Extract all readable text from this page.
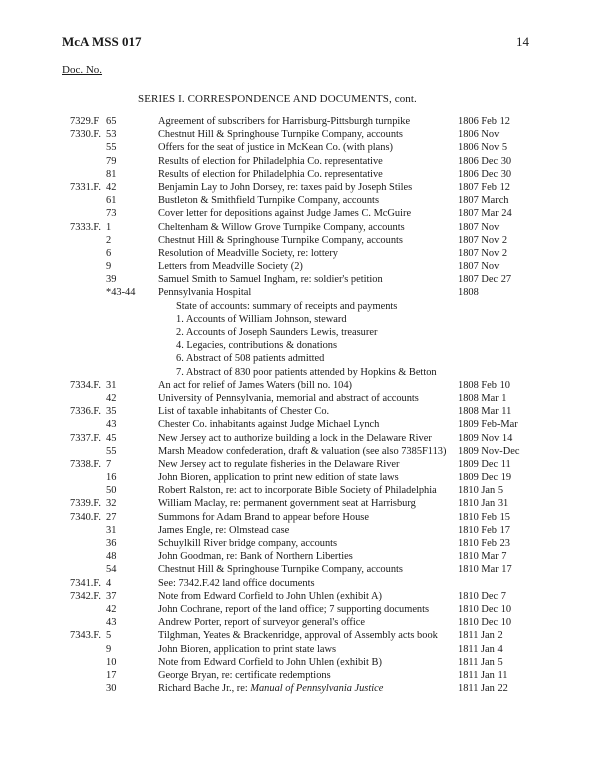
McA MSS 017	14
Doc. No.
SERIES I. CORRESPONDENCE AND DOCUMENTS, cont.
7329.F 65	Agreement of subscribers for Harrisburg-Pittsburgh turnpike	1806 Feb 12
7330.F. 53	Chestnut Hill & Springhouse Turnpike Company, accounts	1806 Nov
55	Offers for the seat of justice in McKean Co. (with plans)	1806 Nov 5
79	Results of election for Philadelphia Co. representative	1806 Dec 30
81	Results of election for Philadelphia Co. representative	1806 Dec 30
7331.F. 42	Benjamin Lay to John Dorsey, re: taxes paid by Joseph Stiles	1807 Feb 12
61	Bustleton & Smithfield Turnpike Company, accounts	1807 March
73	Cover letter for depositions against Judge James C. McGuire	1807 Mar 24
7333.F. 1	Cheltenham & Willow Grove Turnpike Company, accounts	1807 Nov
2	Chestnut Hill & Springhouse Turnpike Company, accounts	1807 Nov 2
6	Resolution of Meadville Society, re: lottery	1807 Nov 2
9	Letters from Meadville Society (2)	1807 Nov
39	Samuel Smith to Samuel Ingham, re: soldier's petition	1807 Dec 27
*43-44 Pennsylvania Hospital	1808
State of accounts: summary of receipts and payments
1. Accounts of William Johnson, steward
2. Accounts of Joseph Saunders Lewis, treasurer
4. Legacies, contributions & donations
6. Abstract of 508 patients admitted
7. Abstract of 830 poor patients attended by Hopkins & Betton
7334.F. 31	An act for relief of James Waters (bill no. 104)	1808 Feb 10
42	University of Pennsylvania, memorial and abstract of accounts	1808 Mar 1
7336.F. 35	List of taxable inhabitants of Chester Co.	1808 Mar 11
43	Chester Co. inhabitants against Judge Michael Lynch	1809 Feb-Mar
7337.F. 45	New Jersey act to authorize building a lock in the Delaware River	1809 Nov 14
55	Marsh Meadow confederation, draft & valuation (see also 7385F113) 1809 Nov-Dec
7338.F. 7	New Jersey act to regulate fisheries in the Delaware River	1809 Dec 11
16	John Bioren, application to print new edition of state laws	1809 Dec 19
50	Robert Ralston, re: act to incorporate Bible Society of Philadelphia 1810 Jan 5
7339.F. 32	William Maclay, re: permanent government seat at Harrisburg	1810 Jan 31
7340.F. 27	Summons for Adam Brand to appear before House	1810 Feb 15
31	James Engle, re: Olmstead case	1810 Feb 17
36	Schuylkill River bridge company, accounts	1810 Feb 23
48	John Goodman, re: Bank of Northern Liberties	1810 Mar 7
54	Chestnut Hill & Springhouse Turnpike Company, accounts	1810 Mar 17
7341.F. 4	See: 7342.F.42 land office documents
7342.F. 37	Note from Edward Corfield to John Uhlen (exhibit A)	1810 Dec 7
42	John Cochrane, report of the land office; 7 supporting documents	1810 Dec 10
43	Andrew Porter, report of surveyor general's office	1810 Dec 10
7343.F. 5	Tilghman, Yeates & Brackenridge, approval of Assembly acts book 1811 Jan 2
9	John Bioren, application to print state laws	1811 Jan 4
10	Note from Edward Corfield to John Uhlen (exhibit B)	1811 Jan 5
17	George Bryan, re: certificate redemptions	1811 Jan 11
30	Richard Bache Jr., re: Manual of Pennsylvania Justice	1811 Jan 22
